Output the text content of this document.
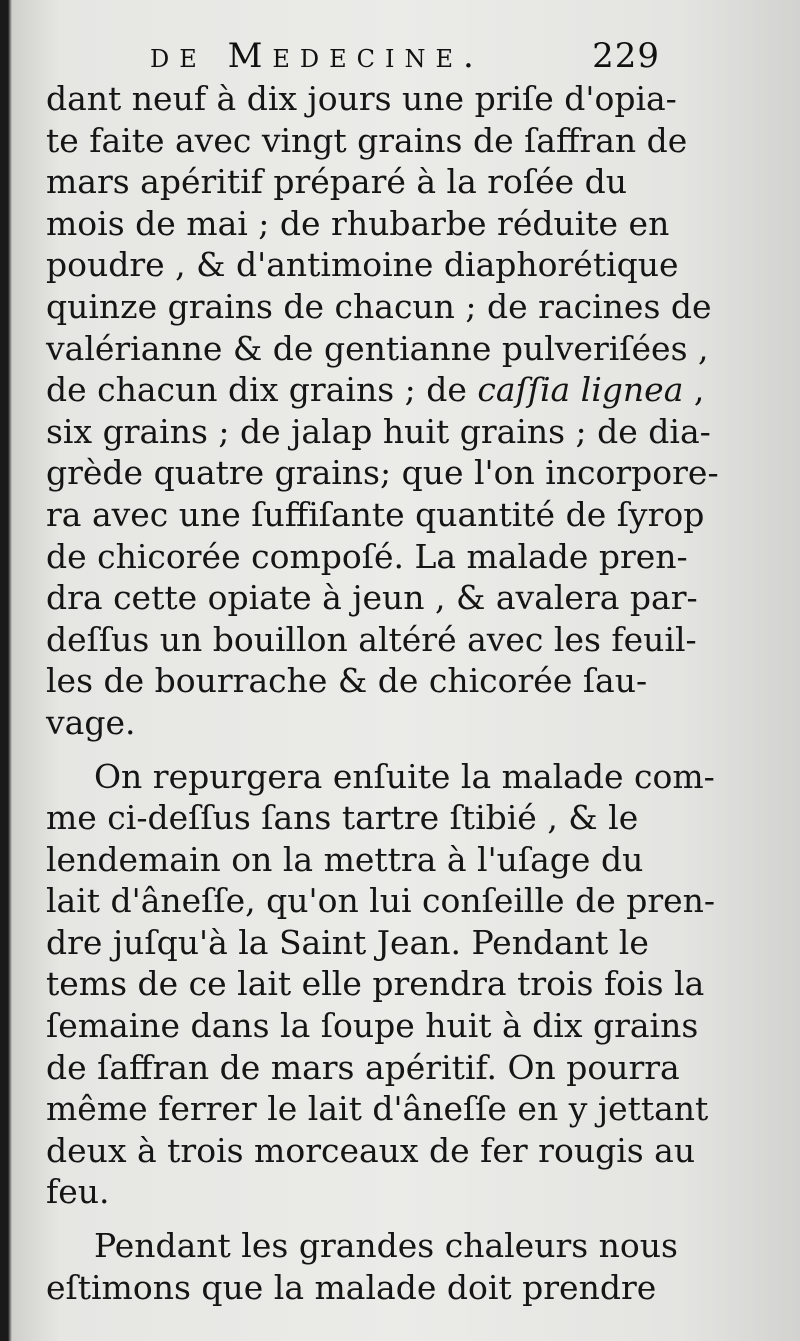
de Medecine.	229
dant neuf à dix jours une priſe d'opia-
te faite avec vingt grains de ſaffran de
mars apéritif préparé à la roſée du
mois de mai ; de rhubarbe réduite en
poudre , & d'antimoine diaphorétique
quinze grains de chacun ; de racines de
valérianne & de gentianne pulveriſées ,
de chacun dix grains ; de caſſia lignea ,
six grains ; de jalap huit grains ; de dia-
grède quatre grains; que l'on incorpore-
ra avec une ſuffiſante quantité de ſyrop
de chicorée compoſé. La malade pren-
dra cette opiate à jeun , & avalera par-
deſſus un bouillon altéré avec les feuil-
les de bourrache & de chicorée ſau-
vage.
On repurgera enſuite la malade com-
me ci-deſſus ſans tartre ſtibié , & le
lendemain on la mettra à l'uſage du
lait d'âneſſe, qu'on lui conſeille de pren-
dre juſqu'à la Saint Jean. Pendant le
tems de ce lait elle prendra trois fois la
ſemaine dans la ſoupe huit à dix grains
de ſaffran de mars apéritif. On pourra
même ferrer le lait d'âneſſe en y jettant
deux à trois morceaux de fer rougis au
feu.
Pendant les grandes chaleurs nous
eſtimons que la malade doit prendre
